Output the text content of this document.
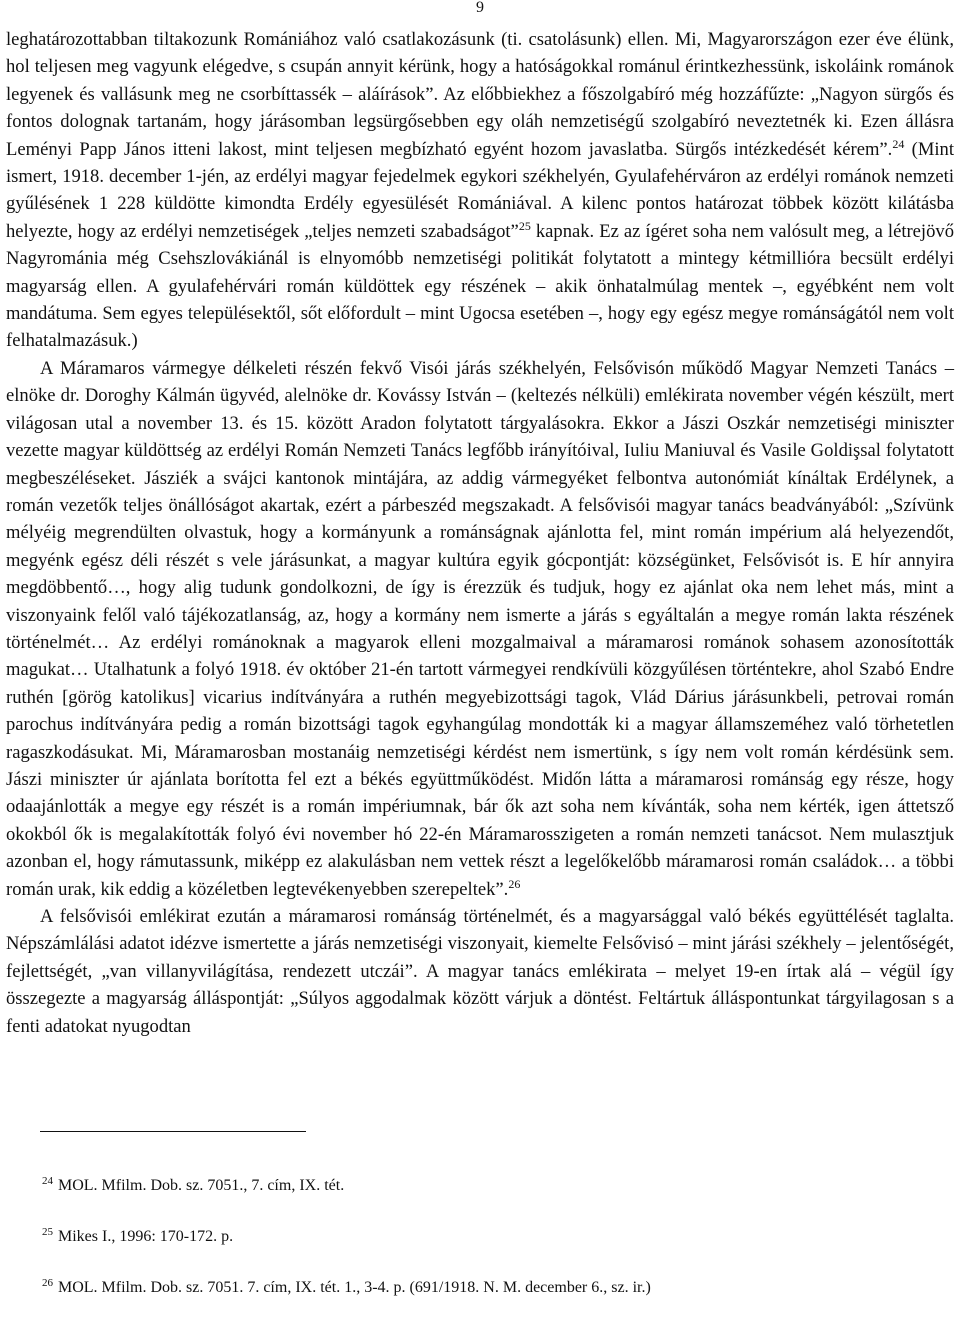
9

leghatározottabban tiltakozunk Romániához való csatlakozásunk (ti. csatolásunk) ellen. Mi, Magyarországon ezer éve élünk, hol teljesen meg vagyunk elégedve, s csupán annyit kérünk, hogy a hatóságokkal románul érintkezhessünk, iskoláink románok legyenek és vallásunk meg ne csorbíttassék – aláírások”. Az előbbiekhez a főszolgabíró még hozzáfűzte: „Nagyon sürgős és fontos dolognak tartanám, hogy járásomban legsürgősebben egy oláh nemzetiségű szolgabíró neveztetnék ki. Ezen állásra Leményi Papp János itteni lakost, mint teljesen megbízható egyént hozom javaslatba. Sürgős intézkedését kérem”.$^{24}$ (Mint ismert, 1918. december 1-jén, az erdélyi magyar fejedelmek egykori székhelyén, Gyulafehérváron az erdélyi románok nemzeti gyűlésének 1 228 küldötte kimondta Erdély egyesülését Romániával. A kilenc pontos határozat többek között kilátásba helyezte, hogy az erdélyi nemzetiségek „teljes nemzeti szabadságot”$^{25}$ kapnak. Ez az ígéret soha nem valósult meg, a létrejövő Nagyrománia még Csehszlovákiánál is elnyomóbb nemzetiségi politikát folytatott a mintegy kétmillióra becsült erdélyi magyarság ellen. A gyulafehérvári román küldöttek egy részének – akik önhatalmúlag mentek –, egyébként nem volt mandátuma. Sem egyes településektől, sőt előfordult – mint Ugocsa esetében –, hogy egy egész megye románságától nem volt felhatalmazásuk.)

A Máramaros vármegye délkeleti részén fekvő Visói járás székhelyén, Felsővisón működő Magyar Nemzeti Tanács – elnöke dr. Doroghy Kálmán ügyvéd, alelnöke dr. Kovássy István – (keltezés nélküli) emlékirata november végén készült, mert világosan utal a november 13. és 15. között Aradon folytatott tárgyalásokra. Ekkor a Jászi Oszkár nemzetiségi miniszter vezette magyar küldöttség az erdélyi Román Nemzeti Tanács legfőbb irányítóival, Iuliu Maniuval és Vasile Goldişsal folytatott megbeszéléseket. Jásziék a svájci kantonok mintájára, az addig vármegyéket felbontva autonómiát kínáltak Erdélynek, a román vezetők teljes önállóságot akartak, ezért a párbeszéd megszakadt. A felsővisói magyar tanács beadványából: „Szívünk mélyéig megrendülten olvastuk, hogy a kormányunk a románságnak ajánlotta fel, mint román impérium alá helyezendőt, megyénk egész déli részét s vele járásunkat, a magyar kultúra egyik gócpontját: községünket, Felsővisót is. E hír annyira megdöbbentő…, hogy alig tudunk gondolkozni, de így is érezzük és tudjuk, hogy ez ajánlat oka nem lehet más, mint a viszonyaink felől való tájékozatlanság, az, hogy a kormány nem ismerte a járás s egyáltalán a megye román lakta részének történelmét… Az erdélyi románoknak a magyarok elleni mozgalmaival a máramarosi románok sohasem azonosították magukat… Utalhatunk a folyó 1918. év október 21-én tartott vármegyei rendkívüli közgyűlésen történtekre, ahol Szabó Endre ruthén [görög katolikus] vicarius indítványára a ruthén megyebizottsági tagok, Vlád Dárius járásunkbeli, petrovai román parochus indítványára pedig a román bizottsági tagok egyhangúlag mondották ki a magyar államszeméhez való törhetetlen ragaszkodásukat. Mi, Máramarosban mostanáig nemzetiségi kérdést nem ismertünk, s így nem volt román kérdésünk sem. Jászi miniszter úr ajánlata borította fel ezt a békés együttműködést. Midőn látta a máramarosi románság egy része, hogy odaajánlották a megye egy részét is a román impériumnak, bár ők azt soha nem kívánták, soha nem kérték, igen áttetsző okokból ők is megalakították folyó évi november hó 22-én Máramarosszigeten a román nemzeti tanácsot. Nem mulasztjuk azonban el, hogy rámutassunk, miképp ez alakulásban nem vettek részt a legelőkelőbb máramarosi román családok… a többi román urak, kik eddig a közéletben legtevékenyebben szerepeltek”.$^{26}$

A felsővisói emlékirat ezután a máramarosi románság történelmét, és a magyarsággal való békés együttélését taglalta. Népszámlálási adatot idézve ismertette a járás nemzetiségi viszonyait, kiemelte Felsővisó – mint járási székhely – jelentőségét, fejlettségét, „van villanyvilágítása, rendezett utczái”. A magyar tanács emlékirata – melyet 19-en írtak alá – végül így összegezte a magyarság álláspontját: „Súlyos aggodalmak között várjuk a döntést. Feltártuk álláspontunkat tárgyilagosan s a fenti adatokat nyugodtan

$^{24}$ MOL. Mfilm. Dob. sz. 7051., 7. cím, IX. tét.
$^{25}$ Mikes I., 1996: 170-172. p.
$^{26}$ MOL. Mfilm. Dob. sz. 7051. 7. cím, IX. tét. 1., 3-4. p. (691/1918. N. M. december 6., sz. ir.)
